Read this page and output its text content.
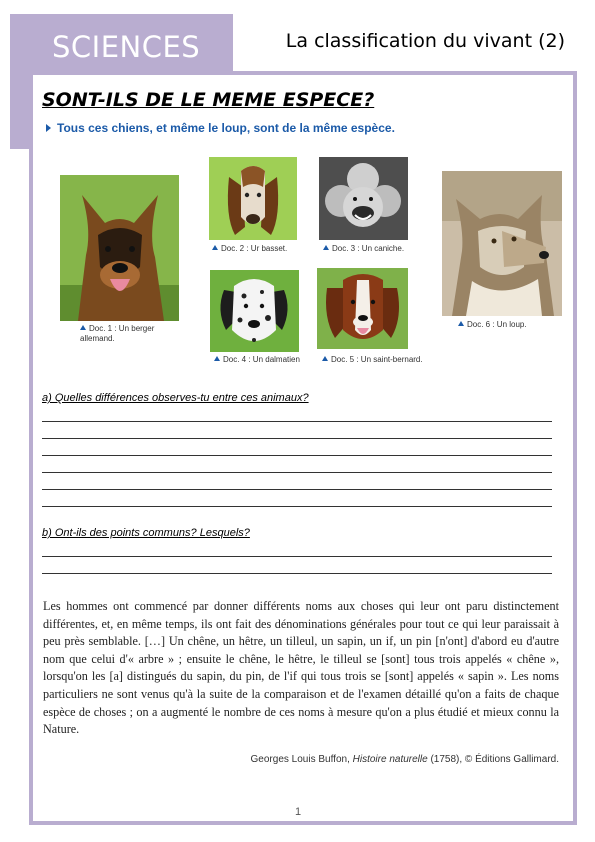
SCIENCES	La classification du vivant (2)
SONT-ILS DE LE MEME ESPECE?
Tous ces chiens, et même le loup, sont de la même espèce.
Doc. 1 : Un berger allemand.
Doc. 2 : Ur basset.	Doc. 3 : Un caniche.
Doc. 4 : Un dalmatien	Doc. 5 : Un saint-bernard.
Doc. 6 : Un loup.
a) Quelles différences observes-tu entre ces animaux?
b) Ont-ils des points communs? Lesquels?
Les hommes ont commencé par donner différents noms aux choses qui leur ont paru distinctement différentes, et, en même temps, ils ont fait des dénominations générales pour tout ce qui leur paraissait à peu près semblable. […] Un chêne, un hêtre, un tilleul, un sapin, un if, un pin [n'ont] d'abord eu d'autre nom que celui d'« arbre » ; ensuite le chêne, le hêtre, le tilleul se [sont] tous trois appelés « chêne », lorsqu'on les [a] distingués du sapin, du pin, de l'if qui tous trois se [sont] appelés « sapin ». Les noms particuliers ne sont venus qu'à la suite de la comparaison et de l'examen détaillé qu'on a faits de chaque espèce de choses ; on a augmenté le nombre de ces noms à mesure qu'on a plus étudié et mieux connu la Nature.
Georges Louis Buffon, Histoire naturelle (1758), © Éditions Gallimard.
1
